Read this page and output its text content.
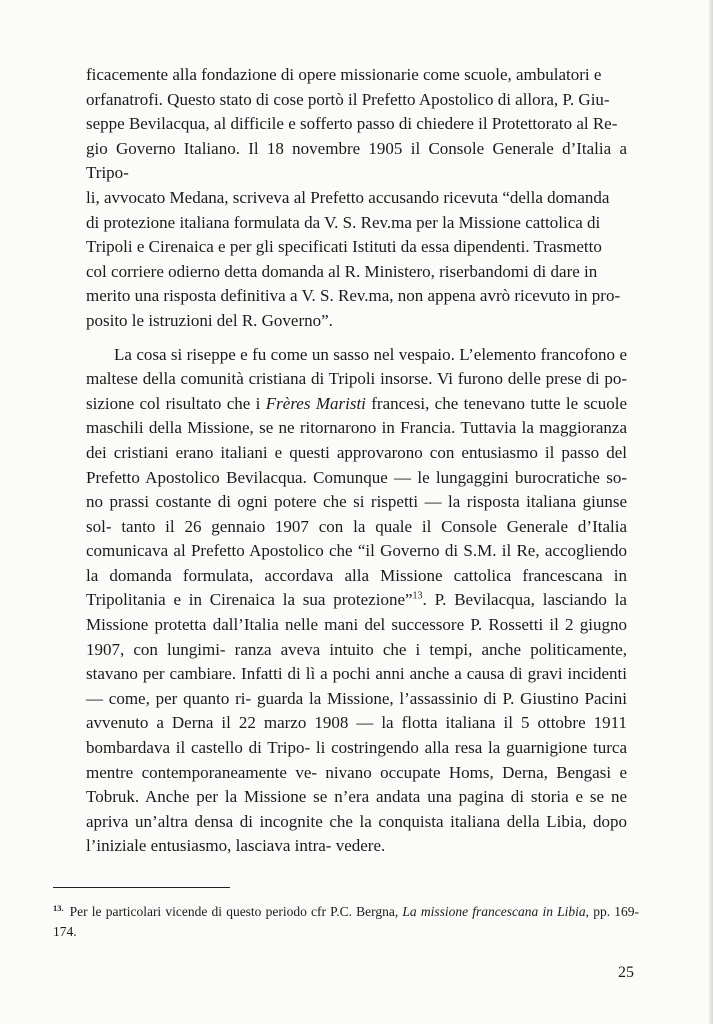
ficacemente alla fondazione di opere missionarie come scuole, ambulatori e

orfanatrofi. Questo stato di cose portò il Prefetto Apostolico di allora, P. Giu-

seppe Bevilacqua, al difficile e sofferto passo di chiedere il Protettorato al Re-

gio Governo Italiano. Il 18 novembre 1905 il Console Generale d’Italia a Tripo-

li, avvocato Medana, scriveva al Prefetto accusando ricevuta “della domanda

di protezione italiana formulata da V. S. Rev.ma per la Missione cattolica di

Tripoli e Cirenaica e per gli specificati Istituti da essa dipendenti. Trasmetto

col corriere odierno detta domanda al R. Ministero, riserbandomi di dare in

merito una risposta definitiva a V. S. Rev.ma, non appena avrò ricevuto in pro-

posito le istruzioni del R. Governo”.

La cosa si riseppe e fu come un sasso nel vespaio. L’elemento francofono e maltese della comunità cristiana di Tripoli insorse. Vi furono delle prese di po- sizione col risultato che i Frères Maristi francesi, che tenevano tutte le scuole maschili della Missione, se ne ritornarono in Francia. Tuttavia la maggioranza dei cristiani erano italiani e questi approvarono con entusiasmo il passo del Prefetto Apostolico Bevilacqua. Comunque — le lungaggini burocratiche so- no prassi costante di ogni potere che si rispetti — la risposta italiana giunse sol- tanto il 26 gennaio 1907 con la quale il Console Generale d’Italia comunicava al Prefetto Apostolico che “il Governo di S.M. il Re, accogliendo la domanda formulata, accordava alla Missione cattolica francescana in Tripolitania e in Cirenaica la sua protezione”$^{13}$. P. Bevilacqua, lasciando la Missione protetta dall’Italia nelle mani del successore P. Rossetti il 2 giugno 1907, con lungimi- ranza aveva intuito che i tempi, anche politicamente, stavano per cambiare. Infatti di lì a pochi anni anche a causa di gravi incidenti — come, per quanto ri- guarda la Missione, l’assassinio di P. Giustino Pacini avvenuto a Derna il 22 marzo 1908 — la flotta italiana il 5 ottobre 1911 bombardava il castello di Tripo- li costringendo alla resa la guarnigione turca mentre contemporaneamente ve- nivano occupate Homs, Derna, Bengasi e Tobruk. Anche per la Missione se n’era andata una pagina di storia e se ne apriva un’altra densa di incognite che la conquista italiana della Libia, dopo l’iniziale entusiasmo, lasciava intra- vedere.

$^{13.}$ Per le particolari vicende di questo periodo cfr P.C. Bergna, La missione francescana in Libia, pp. 169-174.
25
